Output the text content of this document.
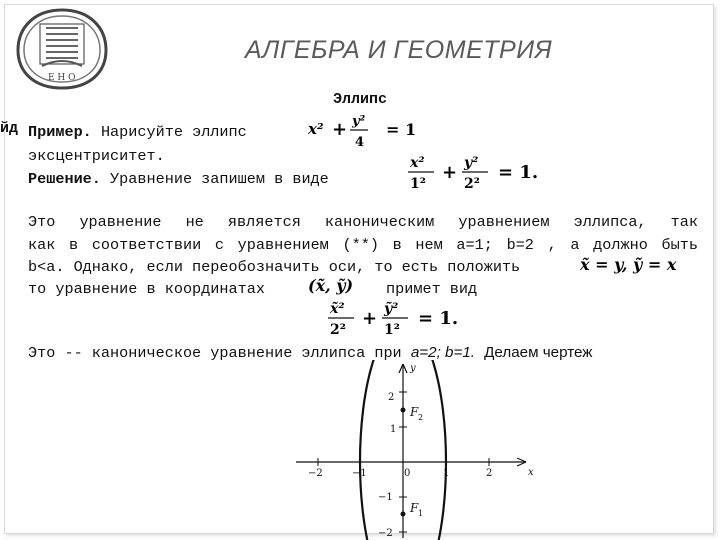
Е Н О
АЛГЕБРА И ГЕОМЕТРИЯ
Эллипс
йд Пример. Нарисуйте эллипс	x² + y²
4
= 1
эксцентриситет.
Решение. Уравнение запишем в виде
x²
1²
+ y²
2²
= 1.
Это уравнение не является каноническим уравнением эллипса, так
как в соответствии с уравнением (**) в нем a=1; b=2 , а должно быть
b<a. Однако, если переобозначить оси, то есть положить	x̃ = y, ỹ = x
то уравнение в координатах	(x̃, ỹ) примет вид
x̃²
2²
+ ỹ²
1²
= 1.
Это -- каноническое уравнение эллипса при a=2; b=1. Делаем чертеж
−2	−1	0	1	2
2
1
−1
−2
x
y
F 2
F 1
